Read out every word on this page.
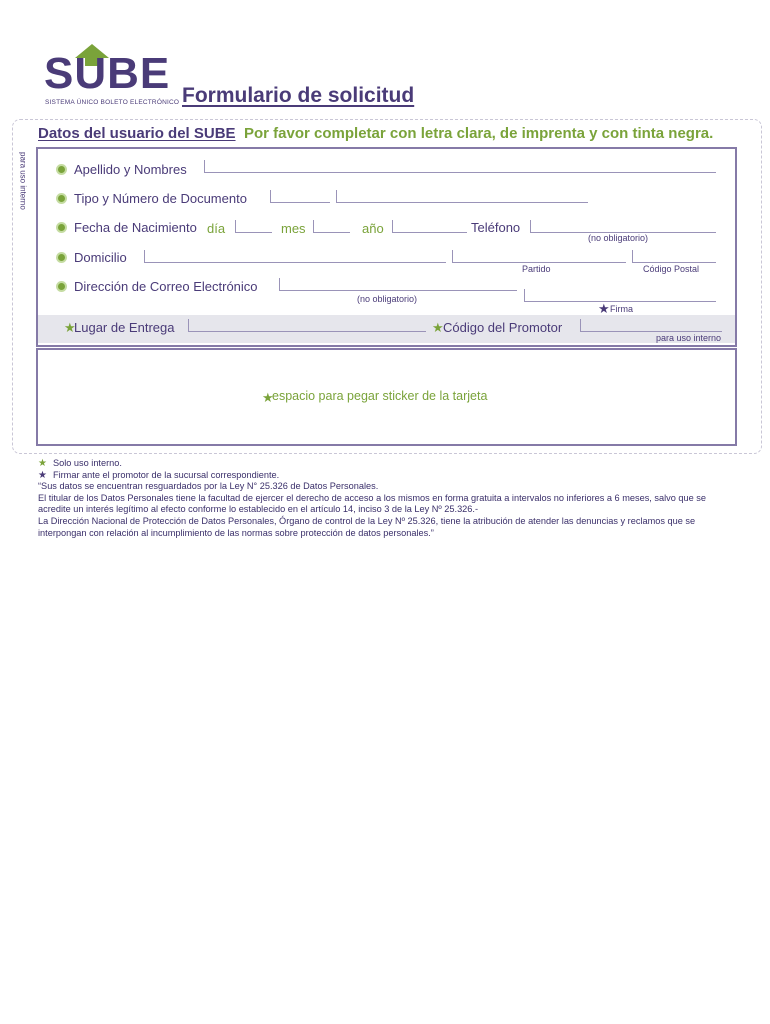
SUBE
SISTEMA ÚNICO BOLETO ELECTRÓNICO Formulario de solicitud
Datos del usuario del SUBE Por favor completar con letra clara, de imprenta y con tinta negra.
para uso interno	Apellido y Nombres
Tipo y Número de Documento
Fecha de Nacimiento día	mes	año	Teléfono
(no obligatorio)
Domicilio
Partido	Código Postal
Dirección de Correo Electrónico
(no obligatorio)
★ Firma
★
Lugar de Entrega	★ Código del Promotor
para uso interno
★
espacio para pegar sticker de la tarjeta
★ Solo uso interno.
★ Firmar ante el promotor de la sucursal correspondiente.
“Sus datos se encuentran resguardados por la Ley N° 25.326 de Datos Personales.
El titular de los Datos Personales tiene la facultad de ejercer el derecho de acceso a los mismos en forma gratuita a intervalos no inferiores a 6 meses, salvo que se acredite un interés legítimo al efecto conforme lo establecido en el artículo 14, inciso 3 de la Ley Nº 25.326.-
La Dirección Nacional de Protección de Datos Personales, Órgano de control de la Ley Nº 25.326, tiene la atribución de atender las denuncias y reclamos que se interpongan con relación al incumplimiento de las normas sobre protección de datos personales.”
